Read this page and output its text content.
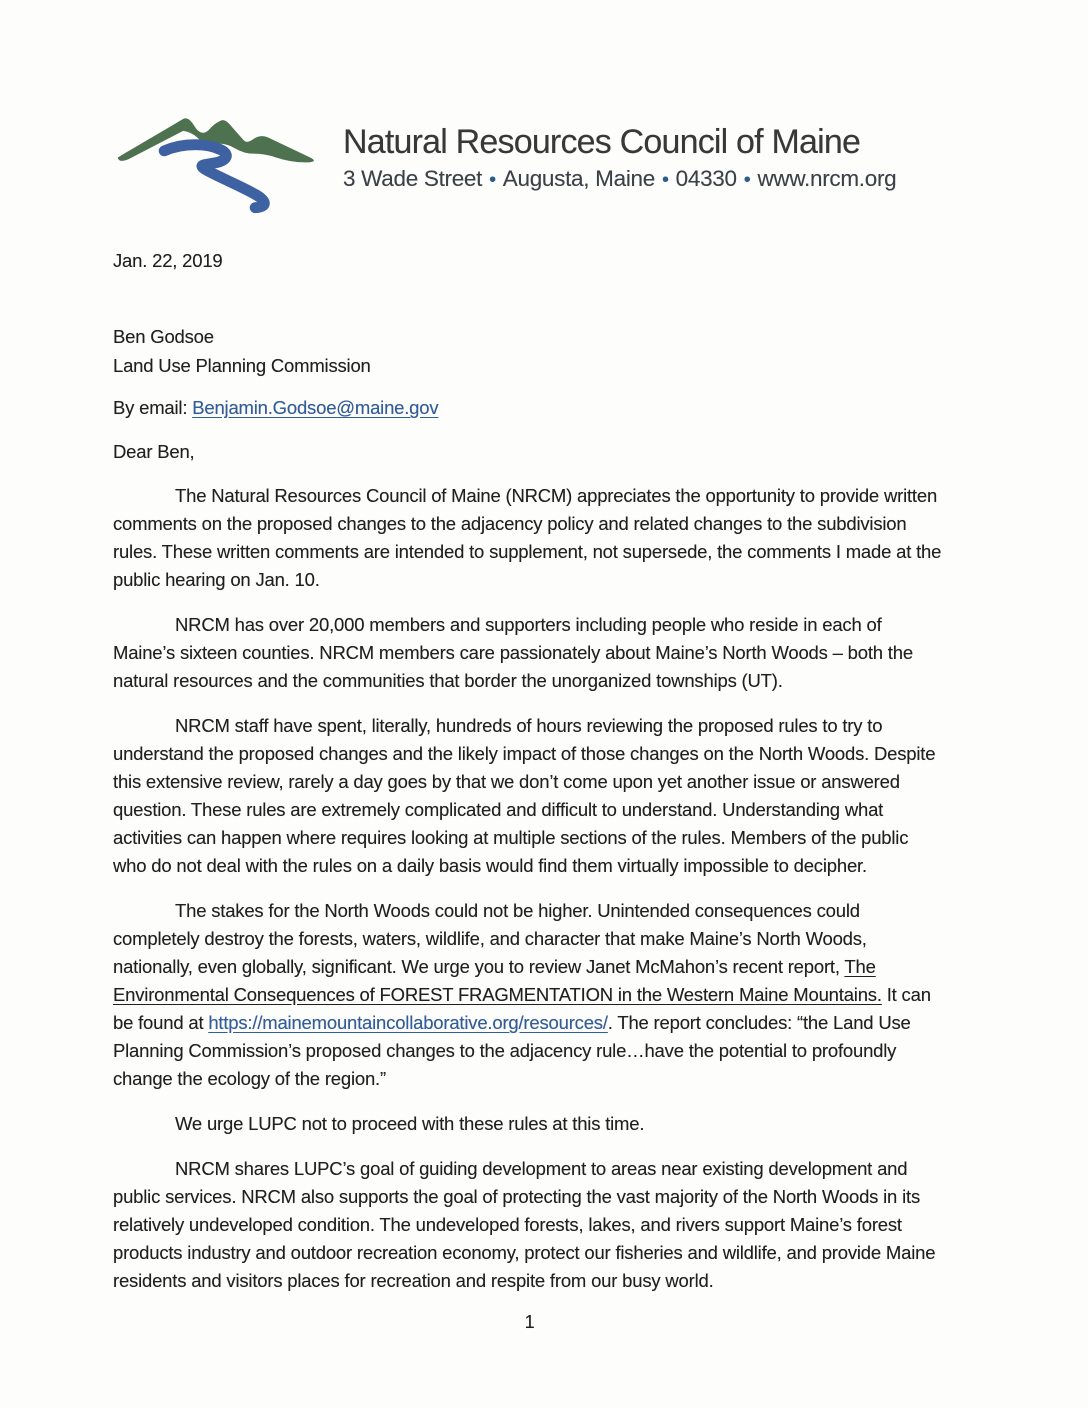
Natural Resources Council of Maine
3 Wade Street • Augusta, Maine • 04330 • www.nrcm.org

Jan. 22, 2019

Ben Godsoe
Land Use Planning Commission

By email: Benjamin.Godsoe@maine.gov

Dear Ben,

The Natural Resources Council of Maine (NRCM) appreciates the opportunity to provide written comments on the proposed changes to the adjacency policy and related changes to the subdivision rules. These written comments are intended to supplement, not supersede, the comments I made at the public hearing on Jan. 10.

NRCM has over 20,000 members and supporters including people who reside in each of Maine’s sixteen counties. NRCM members care passionately about Maine’s North Woods – both the natural resources and the communities that border the unorganized townships (UT).

NRCM staff have spent, literally, hundreds of hours reviewing the proposed rules to try to understand the proposed changes and the likely impact of those changes on the North Woods. Despite this extensive review, rarely a day goes by that we don’t come upon yet another issue or answered question. These rules are extremely complicated and difficult to understand. Understanding what activities can happen where requires looking at multiple sections of the rules. Members of the public who do not deal with the rules on a daily basis would find them virtually impossible to decipher.

The stakes for the North Woods could not be higher. Unintended consequences could completely destroy the forests, waters, wildlife, and character that make Maine’s North Woods, nationally, even globally, significant. We urge you to review Janet McMahon’s recent report, The Environmental Consequences of FOREST FRAGMENTATION in the Western Maine Mountains. It can be found at https://mainemountaincollaborative.org/resources/. The report concludes: “the Land Use Planning Commission’s proposed changes to the adjacency rule…have the potential to profoundly change the ecology of the region.”

We urge LUPC not to proceed with these rules at this time.

NRCM shares LUPC’s goal of guiding development to areas near existing development and public services. NRCM also supports the goal of protecting the vast majority of the North Woods in its relatively undeveloped condition. The undeveloped forests, lakes, and rivers support Maine’s forest products industry and outdoor recreation economy, protect our fisheries and wildlife, and provide Maine residents and visitors places for recreation and respite from our busy world.

1
